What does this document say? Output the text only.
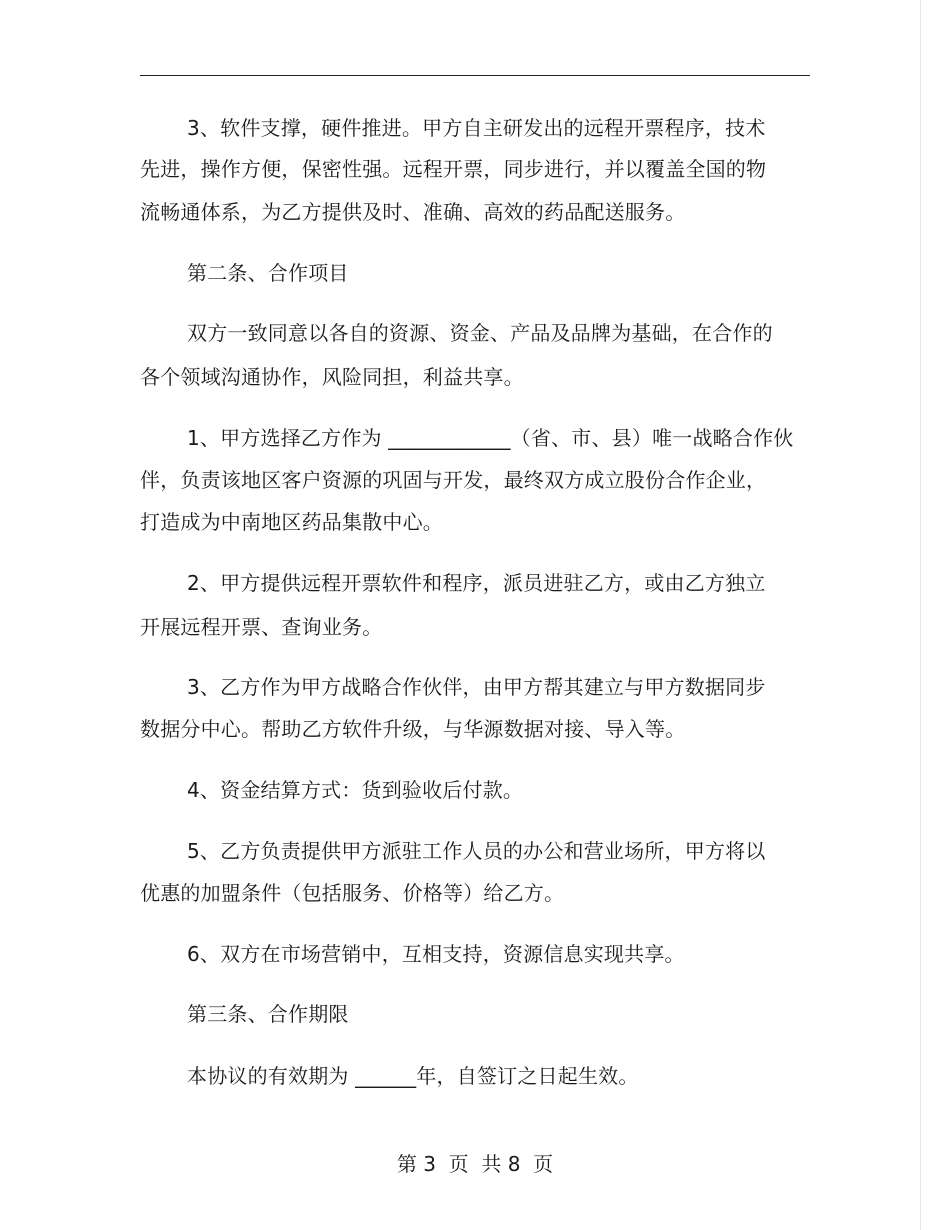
3、软件支撑，硬件推进。甲方自主研发出的远程开票程序，技术
先进，操作方便，保密性强。远程开票，同步进行，并以覆盖全国的物
流畅通体系，为乙方提供及时、准确、高效的药品配送服务。
第二条、合作项目
双方一致同意以各自的资源、资金、产品及品牌为基础，在合作的
各个领域沟通协作，风险同担，利益共享。
1、甲方选择乙方作为 ____________（省、市、县）唯一战略合作伙
伴，负责该地区客户资源的巩固与开发，最终双方成立股份合作企业，
打造成为中南地区药品集散中心。
2、甲方提供远程开票软件和程序，派员进驻乙方，或由乙方独立
开展远程开票、查询业务。
3、乙方作为甲方战略合作伙伴，由甲方帮其建立与甲方数据同步
数据分中心。帮助乙方软件升级，与华源数据对接、导入等。
4、资金结算方式：货到验收后付款。
5、乙方负责提供甲方派驻工作人员的办公和营业场所，甲方将以
优惠的加盟条件（包括服务、价格等）给乙方。
6、双方在市场营销中，互相支持，资源信息实现共享。
第三条、合作期限
本协议的有效期为 ______年，自签订之日起生效。
第 3  页  共 8  页
